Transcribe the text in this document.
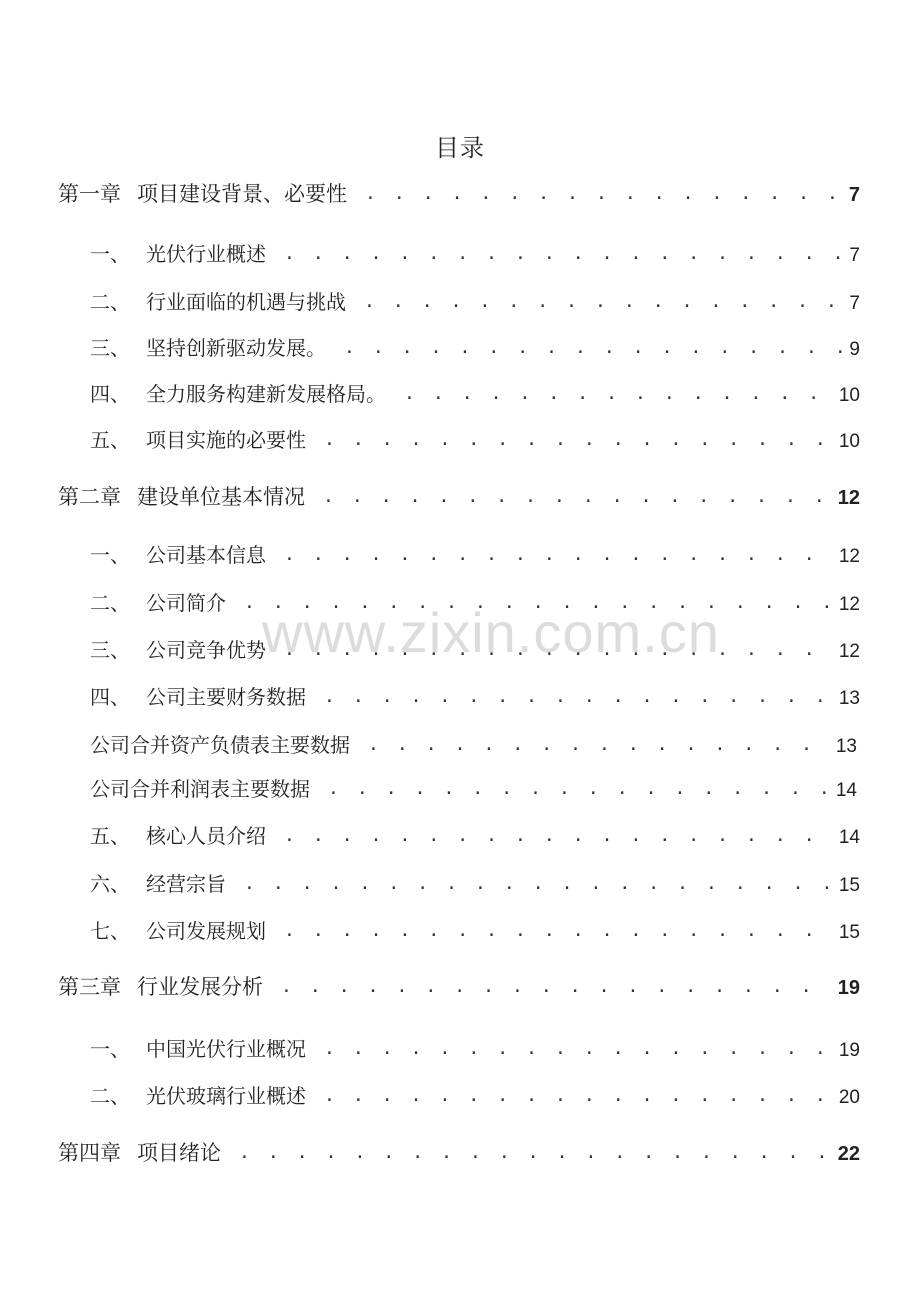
www.zixin.com.cn
目录
第一章 项目建设背景、必要性 . . .	7
一、 光伏行业概述 . . .	7
二、 行业面临的机遇与挑战 . . .	7
三、 坚持创新驱动发展。 . . .	9
四、 全力服务构建新发展格局。 . . .	10
五、 项目实施的必要性 . . .	10
第二章 建设单位基本情况 . . .	12
一、 公司基本信息 . . .	12
二、 公司简介 . . .	12
三、 公司竞争优势 . . .	12
四、 公司主要财务数据 . . .	13
公司合并资产负债表主要数据 . . .	13
公司合并利润表主要数据 . . .	14
五、 核心人员介绍 . . .	14
六、 经营宗旨 . . .	15
七、 公司发展规划 . . .	15
第三章 行业发展分析 . . .	19
一、 中国光伏行业概况 . . .	19
二、 光伏玻璃行业概述 . . .	20
第四章 项目绪论 . . .	22
